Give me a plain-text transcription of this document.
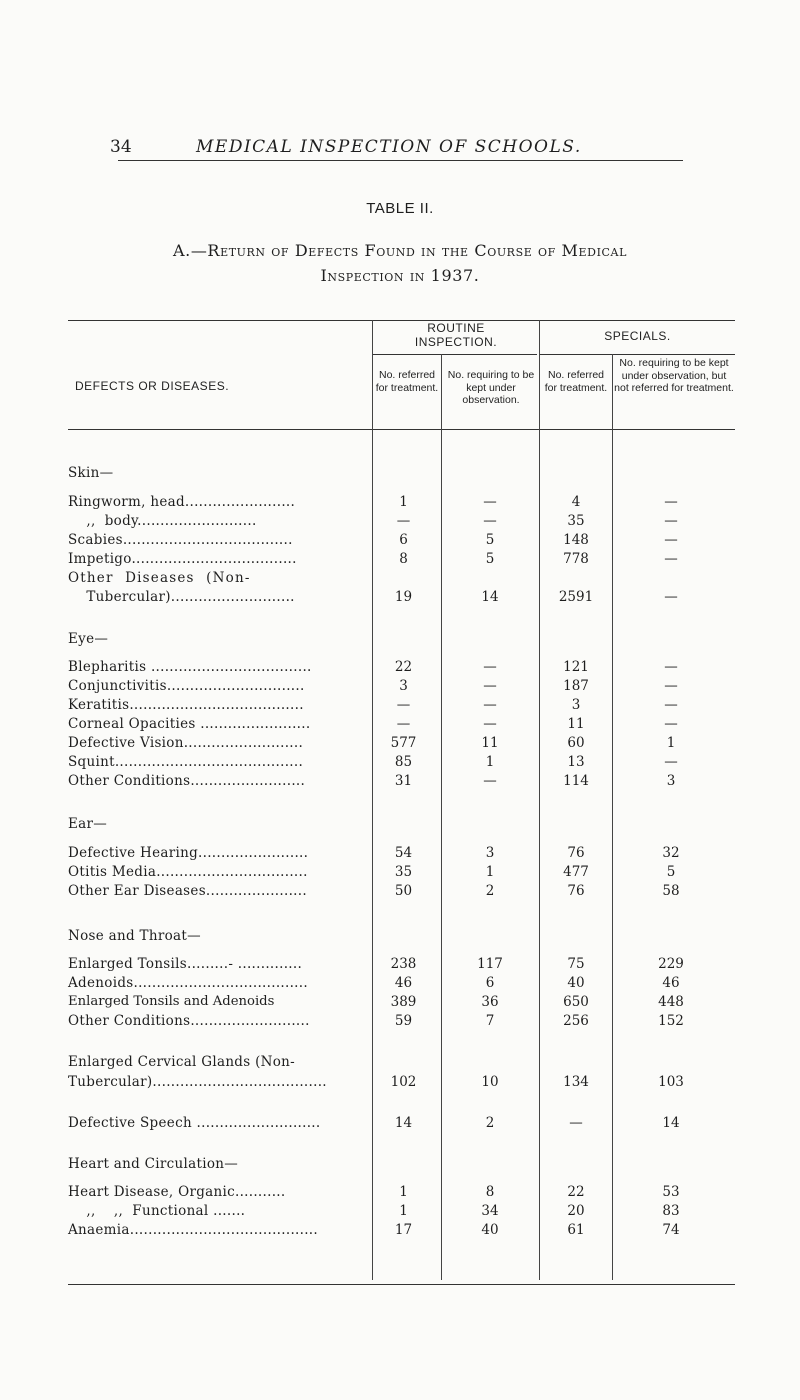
34	MEDICAL INSPECTION OF SCHOOLS.
TABLE II.
A.—Return of Defects Found in the Course of Medical
Inspection in 1937.
DEFECTS OR DISEASES.
ROUTINE INSPECTION.	SPECIALS.
No. referred for treatment.
No. requiring to be kept under observation.
No. referred for treatment.
No. requiring to be kept under observation, but not referred for treatment.
Skin—
Ringworm, head........................	1	—	4	—
,,  body..........................	—	—	35	—
Scabies.....................................	6	5	148	—
Impetigo....................................	8	5	778	—
Other Diseases (Non-
Tubercular)...........................	19	14	2591	—
Eye—
Blepharitis ...................................	22	—	121	—
Conjunctivitis..............................	3	—	187	—
Keratitis......................................	—	—	3	—
Corneal Opacities ........................	—	—	11	—
Defective Vision..........................	577	11	60	1
Squint.........................................	85	1	13	—
Other Conditions.........................	31	—	114	3
Ear—
Defective Hearing........................	54	3	76	32
Otitis Media.................................	35	1	477	5
Other Ear Diseases......................	50	2	76	58
Nose and Throat—
Enlarged Tonsils.........- ..............	238	117	75	229
Adenoids......................................	46	6	40	46
Enlarged Tonsils and Adenoids	389	36	650	448
Other Conditions..........................	59	7	256	152
Enlarged Cervical Glands (Non-
Tubercular)......................................	102	10	134	103
Defective Speech ...........................	14	2	—	14
Heart and Circulation—
Heart Disease, Organic...........	1	8	22	53
,,    ,,  Functional .......	1	34	20	83
Anaemia.........................................	17	40	61	74
